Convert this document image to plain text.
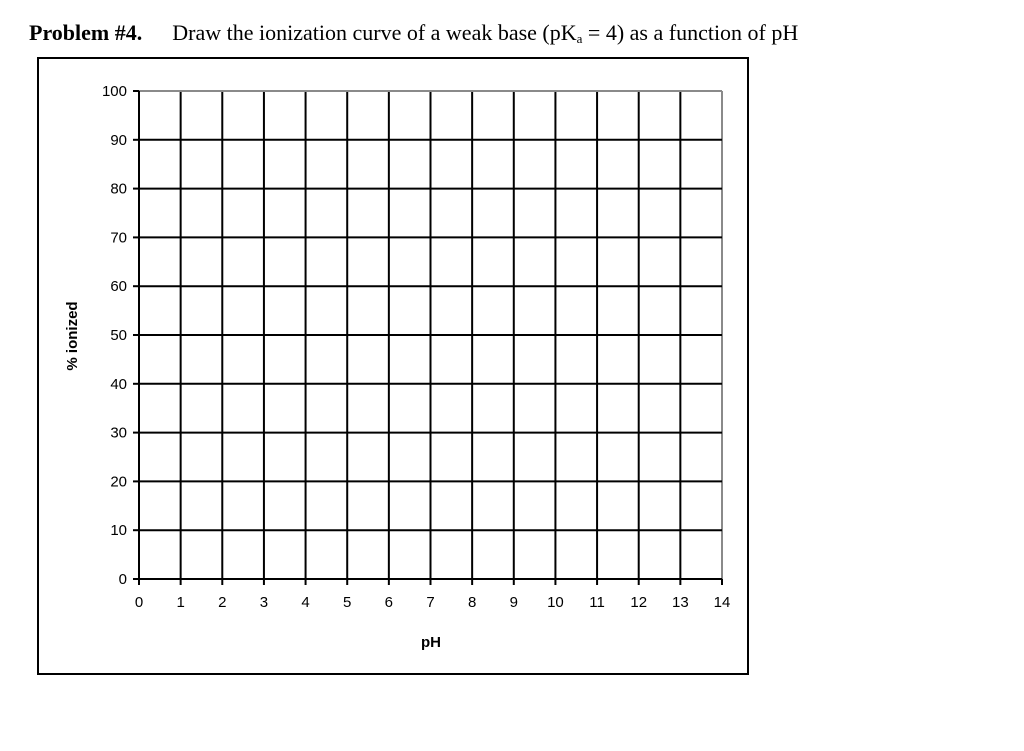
Problem #4. Draw the ionization curve of a weak base $(pK_a = 4)$ as a function of pH
0 1 2 3 4 5 6 7 8 9 10 11 12 13 14
0
10
20
30
40
50
60
70
80
90
100
pH
% ionized
